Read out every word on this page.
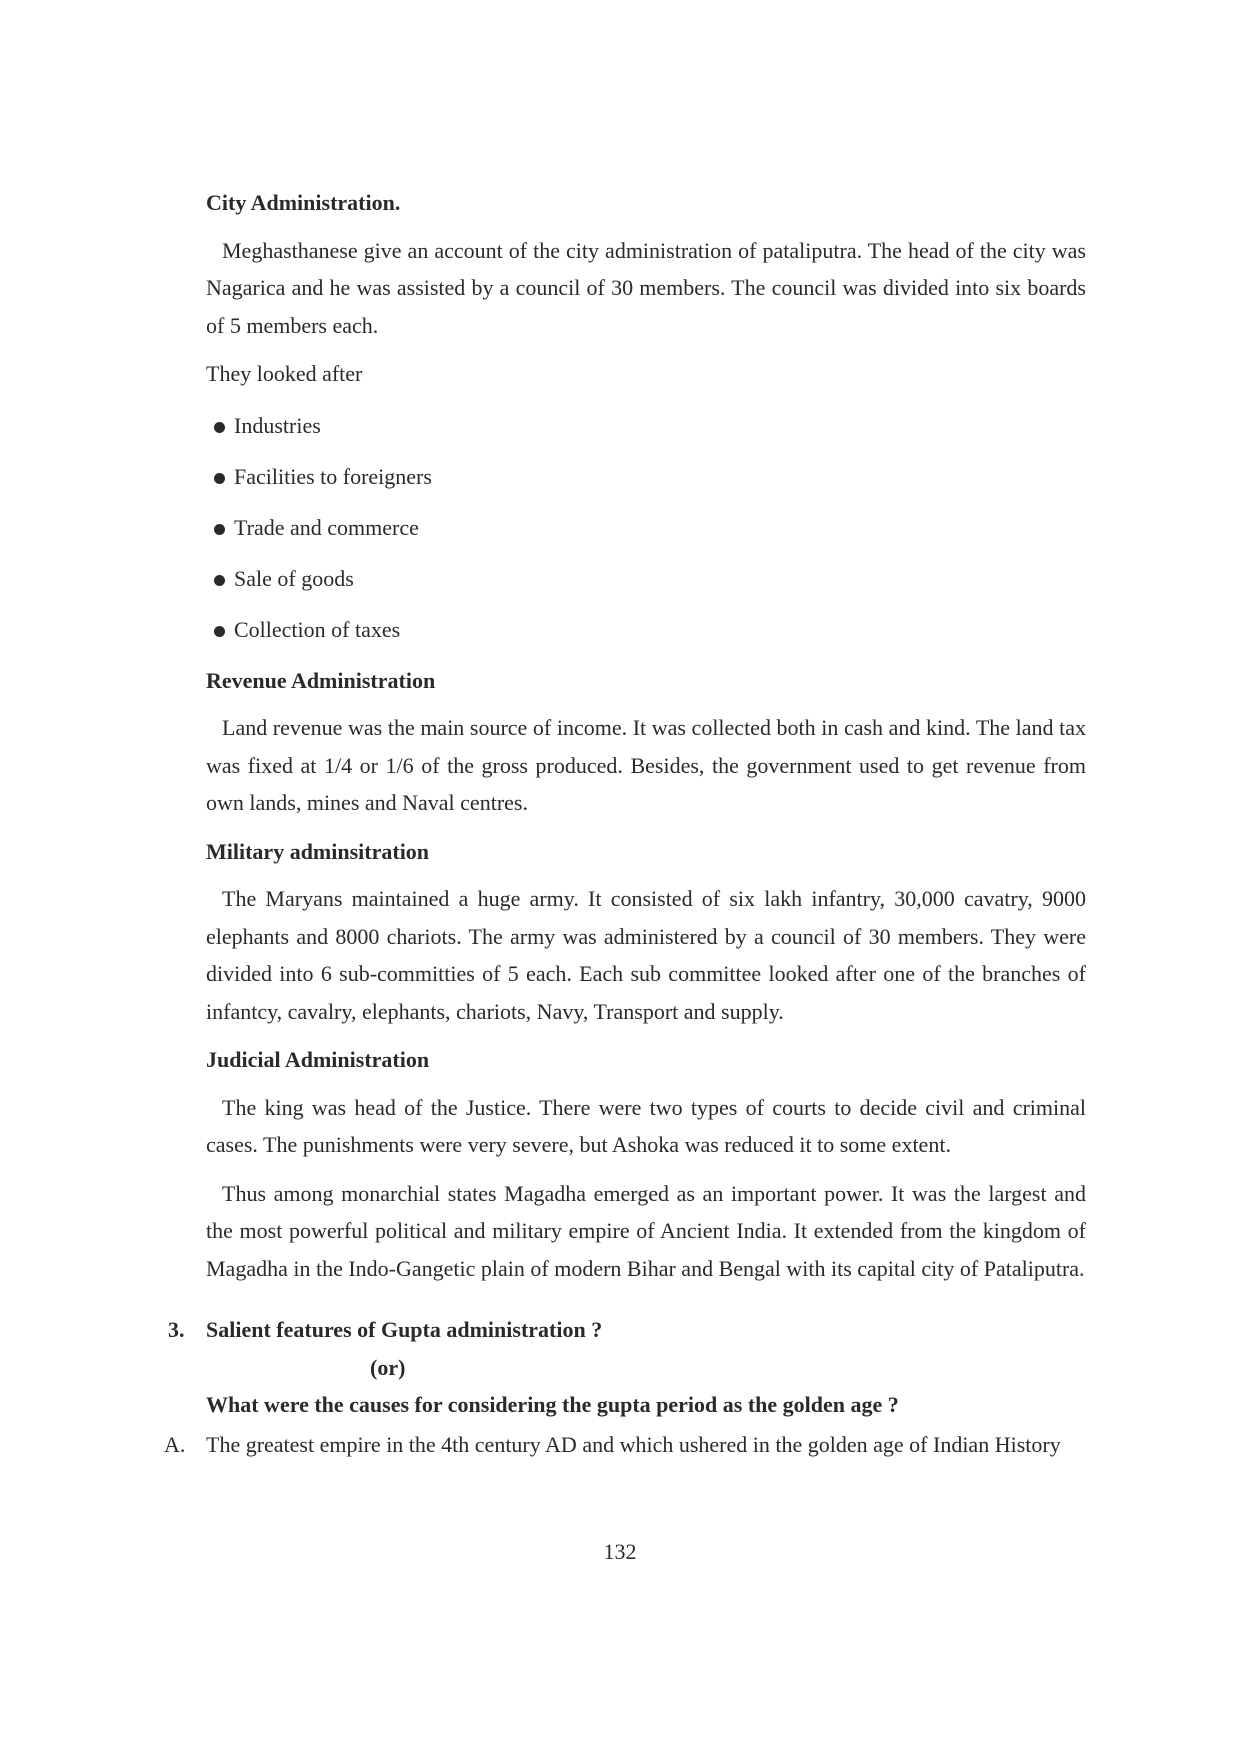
City Administration.

Meghasthanese give an account of the city administration of pataliputra. The head of the city was Nagarica and he was assisted by a council of 30 members. The council was divided into six boards of 5 members each.

They looked after

Industries
Facilities to foreigners
Trade and commerce
Sale of goods
Collection of taxes
Revenue Administration

Land revenue was the main source of income. It was collected both in cash and kind. The land tax was fixed at 1/4 or 1/6 of the gross produced. Besides, the government used to get revenue from own lands, mines and Naval centres.

Military adminsitration

The Maryans maintained a huge army. It consisted of six lakh infantry, 30,000 cavatry, 9000 elephants and 8000 chariots. The army was administered by a council of 30 members. They were divided into 6 sub-committies of 5 each. Each sub committee looked after one of the branches of infantcy, cavalry, elephants, chariots, Navy, Transport and supply.

Judicial Administration

The king was head of the Justice. There were two types of courts to decide civil and criminal cases. The punishments were very severe, but Ashoka was reduced it to some extent.

Thus among monarchial states Magadha emerged as an important power. It was the largest and the most powerful political and military empire of Ancient India. It extended from the kingdom of Magadha in the Indo-Gangetic plain of modern Bihar and Bengal with its capital city of Pataliputra.

3. Salient features of Gupta administration ?
(or)
What were the causes for considering the gupta period as the golden age ?
A. The greatest empire in the 4th century AD and which ushered in the golden age of Indian History
132
